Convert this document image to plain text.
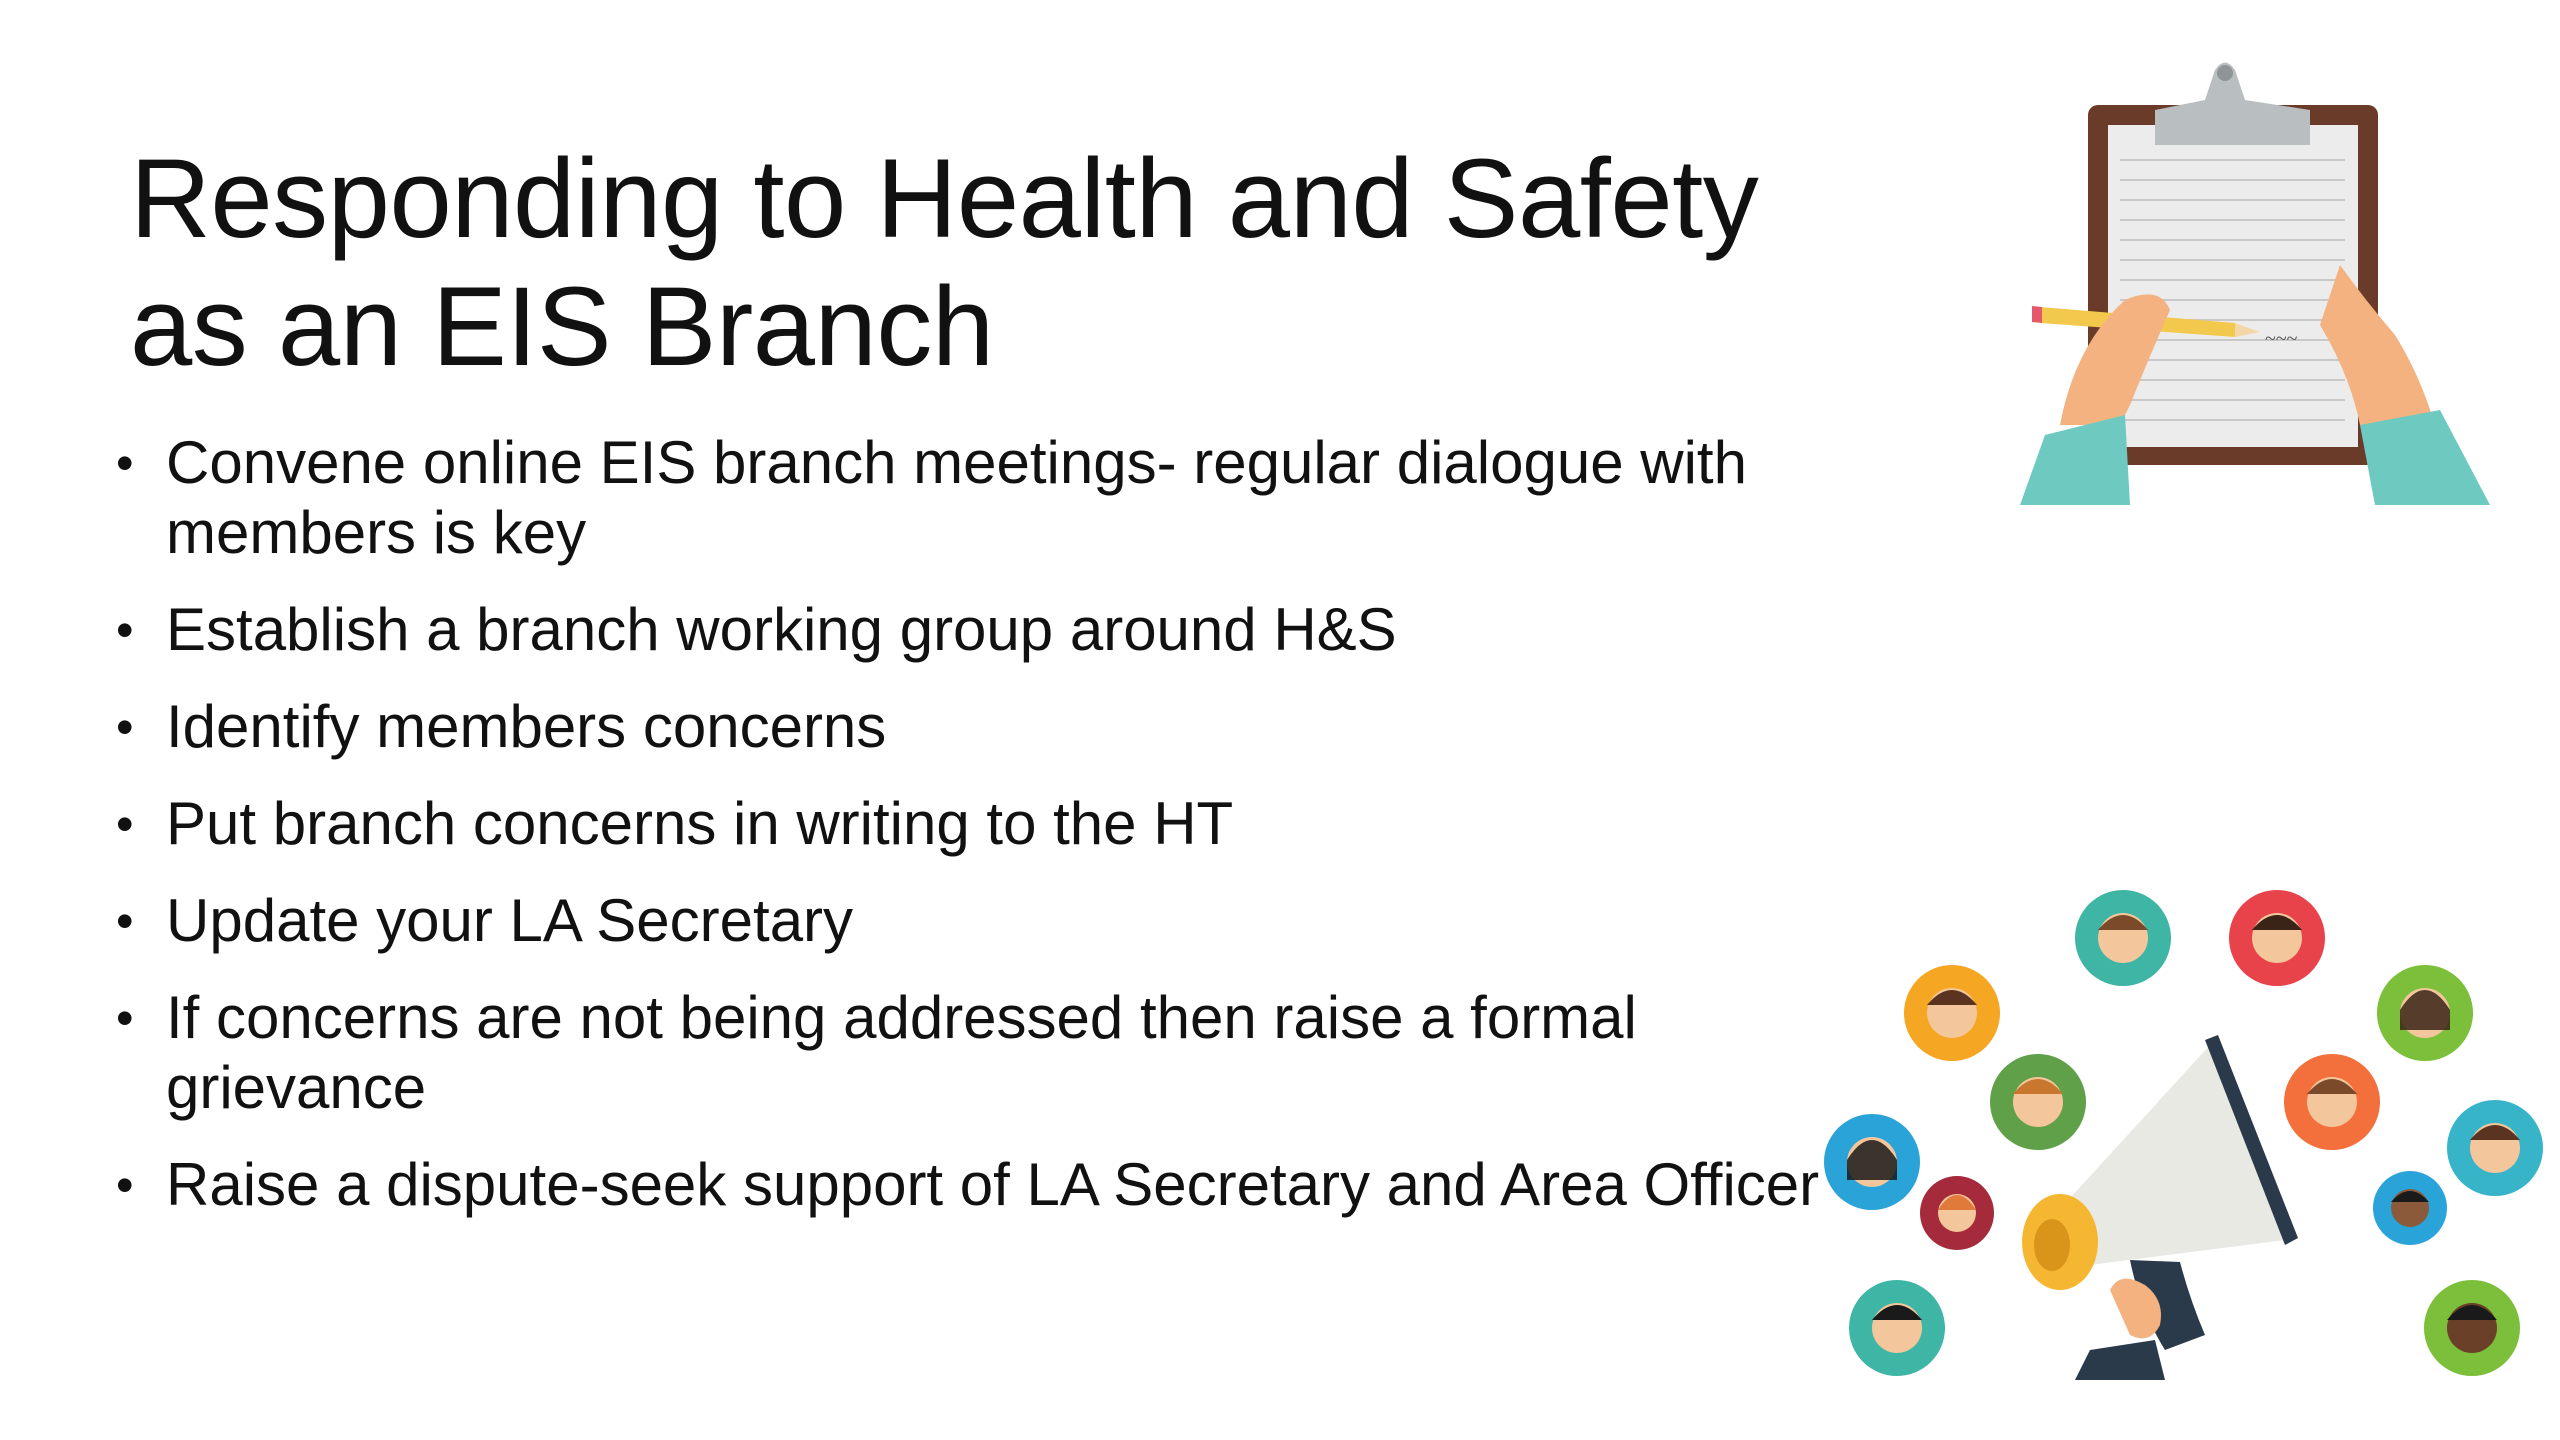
Responding to Health and Safety
as an EIS Branch
• Convene online EIS branch meetings- regular dialogue with members is key
• Establish a branch working group around H&S
• Identify members concerns
• Put branch concerns in writing to the HT
• Update your LA Secretary
• If concerns are not being addressed then raise a formal grievance
• Raise a dispute-seek support of LA Secretary and Area Officer
~~~
